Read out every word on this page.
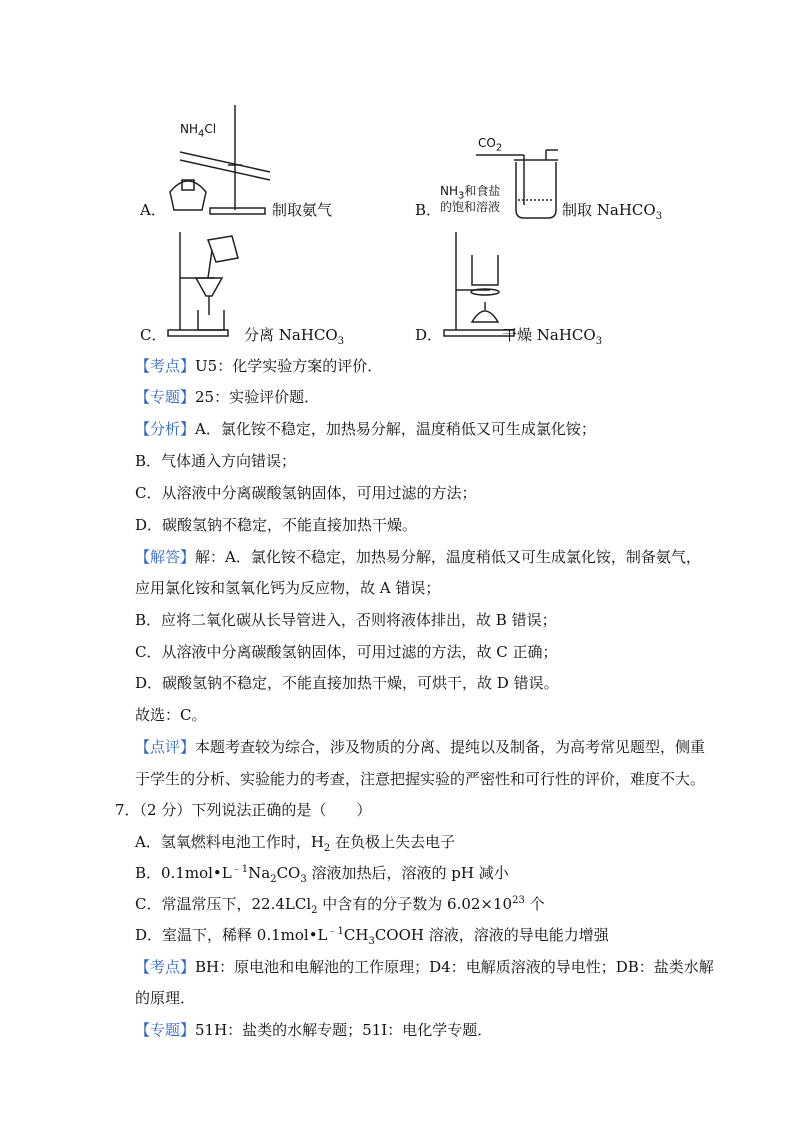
$NH_4Cl$
A．	制取氨气
$CO_2$
$NH_3$和食盐
的饱和溶液
B．	制取 NaHCO$_3$
C．	分离 NaHCO$_3$	D．	干燥 NaHCO$_3$
【考点】U5：化学实验方案的评价．
【专题】25：实验评价题．
【分析】A．氯化铵不稳定，加热易分解，温度稍低又可生成氯化铵；
B．气体通入方向错误；
C．从溶液中分离碳酸氢钠固体，可用过滤的方法；
D．碳酸氢钠不稳定，不能直接加热干燥。
【解答】解：A．氯化铵不稳定，加热易分解，温度稍低又可生成氯化铵，制备氨气，
应用氯化铵和氢氧化钙为反应物，故 A 错误；
B．应将二氧化碳从长导管进入，否则将液体排出，故 B 错误；
C．从溶液中分离碳酸氢钠固体，可用过滤的方法，故 C 正确；
D．碳酸氢钠不稳定，不能直接加热干燥，可烘干，故 D 错误。
故选：C。
【点评】本题考查较为综合，涉及物质的分离、提纯以及制备，为高考常见题型，侧重
于学生的分析、实验能力的考查，注意把握实验的严密性和可行性的评价，难度不大。
7．（2 分）下列说法正确的是（　　）
A．氢氧燃料电池工作时，$H_2$ 在负极上失去电子
B．$0.1mol•L^{﹣1}Na_2CO_3$ 溶液加热后，溶液的 pH 减小
C．常温常压下，22.4LCl$_2$ 中含有的分子数为 $6.02\times 10^{23}$ 个
D．室温下，稀释 $0.1mol•L^{﹣1}CH_3COOH$ 溶液，溶液的导电能力增强
【考点】BH：原电池和电解池的工作原理；D4：电解质溶液的导电性；DB：盐类水解
的原理．
【专题】51H：盐类的水解专题；51I：电化学专题．
